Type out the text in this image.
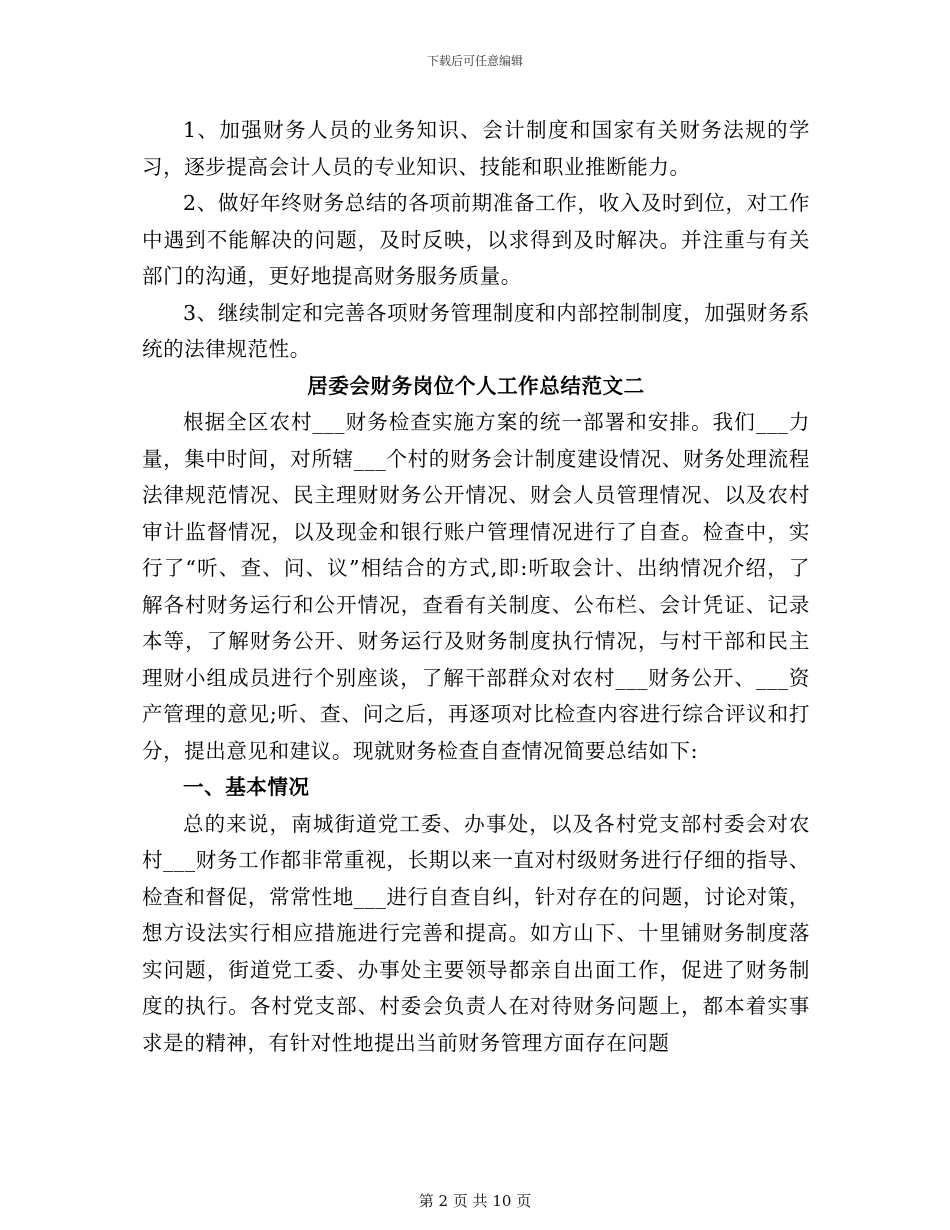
下载后可任意编辑

1、加强财务人员的业务知识、会计制度和国家有关财务法规的学习，逐步提高会计人员的专业知识、技能和职业推断能力。

2、做好年终财务总结的各项前期准备工作，收入及时到位，对工作中遇到不能解决的问题，及时反映，以求得到及时解决。并注重与有关部门的沟通，更好地提高财务服务质量。

3、继续制定和完善各项财务管理制度和内部控制制度，加强财务系统的法律规范性。

居委会财务岗位个人工作总结范文二

根据全区农村___财务检查实施方案的统一部署和安排。我们___力量，集中时间，对所辖___个村的财务会计制度建设情况、财务处理流程法律规范情况、民主理财财务公开情况、财会人员管理情况、以及农村审计监督情况，以及现金和银行账户管理情况进行了自查。检查中，实行了“听、查、问、议”相结合的方式,即:听取会计、出纳情况介绍，了解各村财务运行和公开情况，查看有关制度、公布栏、会计凭证、记录本等，了解财务公开、财务运行及财务制度执行情况，与村干部和民主理财小组成员进行个别座谈，了解干部群众对农村___财务公开、___资产管理的意见;听、查、问之后，再逐项对比检查内容进行综合评议和打分，提出意见和建议。现就财务检查自查情况简要总结如下:

一、基本情况

总的来说，南城街道党工委、办事处，以及各村党支部村委会对农村___财务工作都非常重视，长期以来一直对村级财务进行仔细的指导、检查和督促，常常性地___进行自查自纠，针对存在的问题，讨论对策，想方设法实行相应措施进行完善和提高。如方山下、十里铺财务制度落实问题，街道党工委、办事处主要领导都亲自出面工作，促进了财务制度的执行。各村党支部、村委会负责人在对待财务问题上，都本着实事求是的精神，有针对性地提出当前财务管理方面存在问题

第 2 页 共 10 页
